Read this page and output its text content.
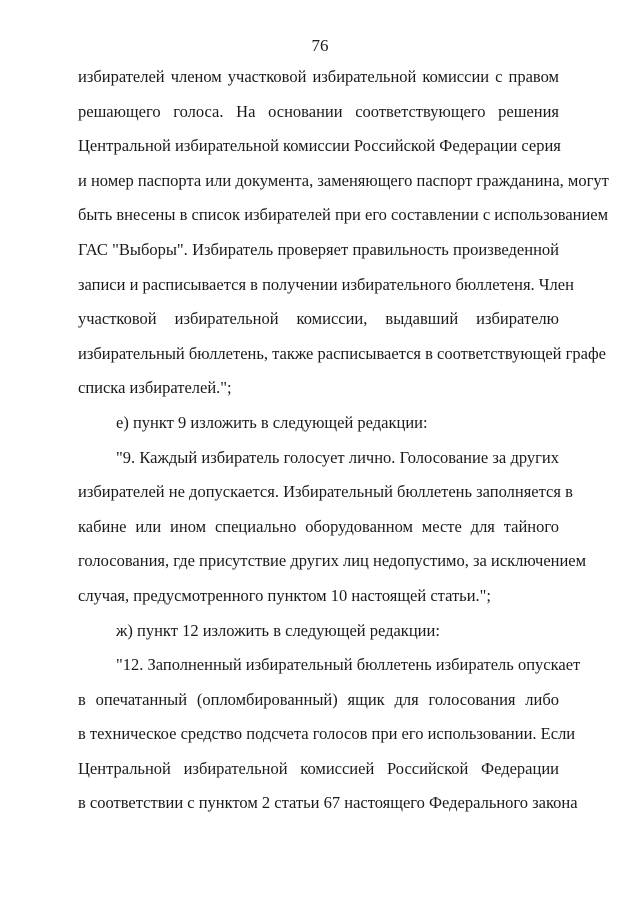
76
избирателей членом участковой избирательной комиссии с правом
решающего голоса. На основании соответствующего решения
Центральной избирательной комиссии Российской Федерации серия
и номер паспорта или документа, заменяющего паспорт гражданина, могут
быть внесены в список избирателей при его составлении с использованием
ГАС "Выборы". Избиратель проверяет правильность произведенной
записи и расписывается в получении избирательного бюллетеня. Член
участковой избирательной комиссии, выдавший избирателю
избирательный бюллетень, также расписывается в соответствующей графе
списка избирателей.";
е) пункт 9 изложить в следующей редакции:
"9. Каждый избиратель голосует лично. Голосование за других
избирателей не допускается. Избирательный бюллетень заполняется в
кабине или ином специально оборудованном месте для тайного
голосования, где присутствие других лиц недопустимо, за исключением
случая, предусмотренного пунктом 10 настоящей статьи.";
ж) пункт 12 изложить в следующей редакции:
"12. Заполненный избирательный бюллетень избиратель опускает
в опечатанный (опломбированный) ящик для голосования либо
в техническое средство подсчета голосов при его использовании. Если
Центральной избирательной комиссией Российской Федерации
в соответствии с пунктом 2 статьи 67 настоящего Федерального закона
